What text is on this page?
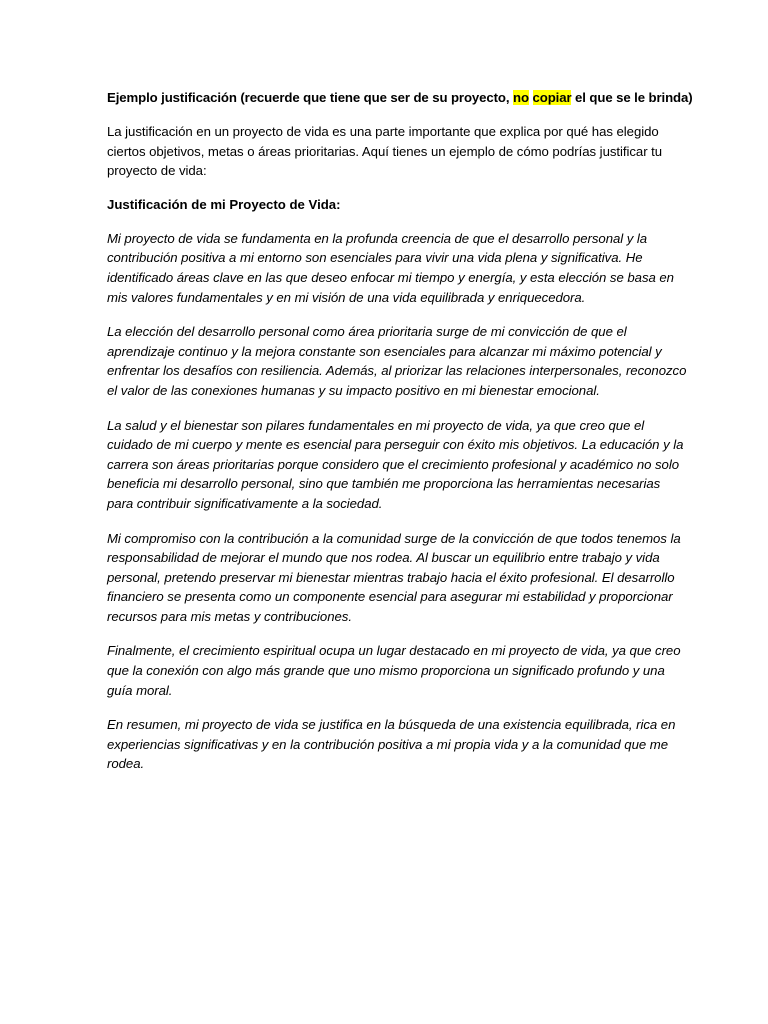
Ejemplo justificación (recuerde que tiene que ser de su proyecto, no copiar el que se le brinda)

La justificación en un proyecto de vida es una parte importante que explica por qué has elegido
ciertos objetivos, metas o áreas prioritarias. Aquí tienes un ejemplo de cómo podrías justificar tu
proyecto de vida:

Justificación de mi Proyecto de Vida:

Mi proyecto de vida se fundamenta en la profunda creencia de que el desarrollo personal y la
contribución positiva a mi entorno son esenciales para vivir una vida plena y significativa. He
identificado áreas clave en las que deseo enfocar mi tiempo y energía, y esta elección se basa en
mis valores fundamentales y en mi visión de una vida equilibrada y enriquecedora.

La elección del desarrollo personal como área prioritaria surge de mi convicción de que el
aprendizaje continuo y la mejora constante son esenciales para alcanzar mi máximo potencial y
enfrentar los desafíos con resiliencia. Además, al priorizar las relaciones interpersonales, reconozco
el valor de las conexiones humanas y su impacto positivo en mi bienestar emocional.

La salud y el bienestar son pilares fundamentales en mi proyecto de vida, ya que creo que el
cuidado de mi cuerpo y mente es esencial para perseguir con éxito mis objetivos. La educación y la
carrera son áreas prioritarias porque considero que el crecimiento profesional y académico no solo
beneficia mi desarrollo personal, sino que también me proporciona las herramientas necesarias
para contribuir significativamente a la sociedad.

Mi compromiso con la contribución a la comunidad surge de la convicción de que todos tenemos la
responsabilidad de mejorar el mundo que nos rodea. Al buscar un equilibrio entre trabajo y vida
personal, pretendo preservar mi bienestar mientras trabajo hacia el éxito profesional. El desarrollo
financiero se presenta como un componente esencial para asegurar mi estabilidad y proporcionar
recursos para mis metas y contribuciones.

Finalmente, el crecimiento espiritual ocupa un lugar destacado en mi proyecto de vida, ya que creo
que la conexión con algo más grande que uno mismo proporciona un significado profundo y una
guía moral.

En resumen, mi proyecto de vida se justifica en la búsqueda de una existencia equilibrada, rica en
experiencias significativas y en la contribución positiva a mi propia vida y a la comunidad que me
rodea.
